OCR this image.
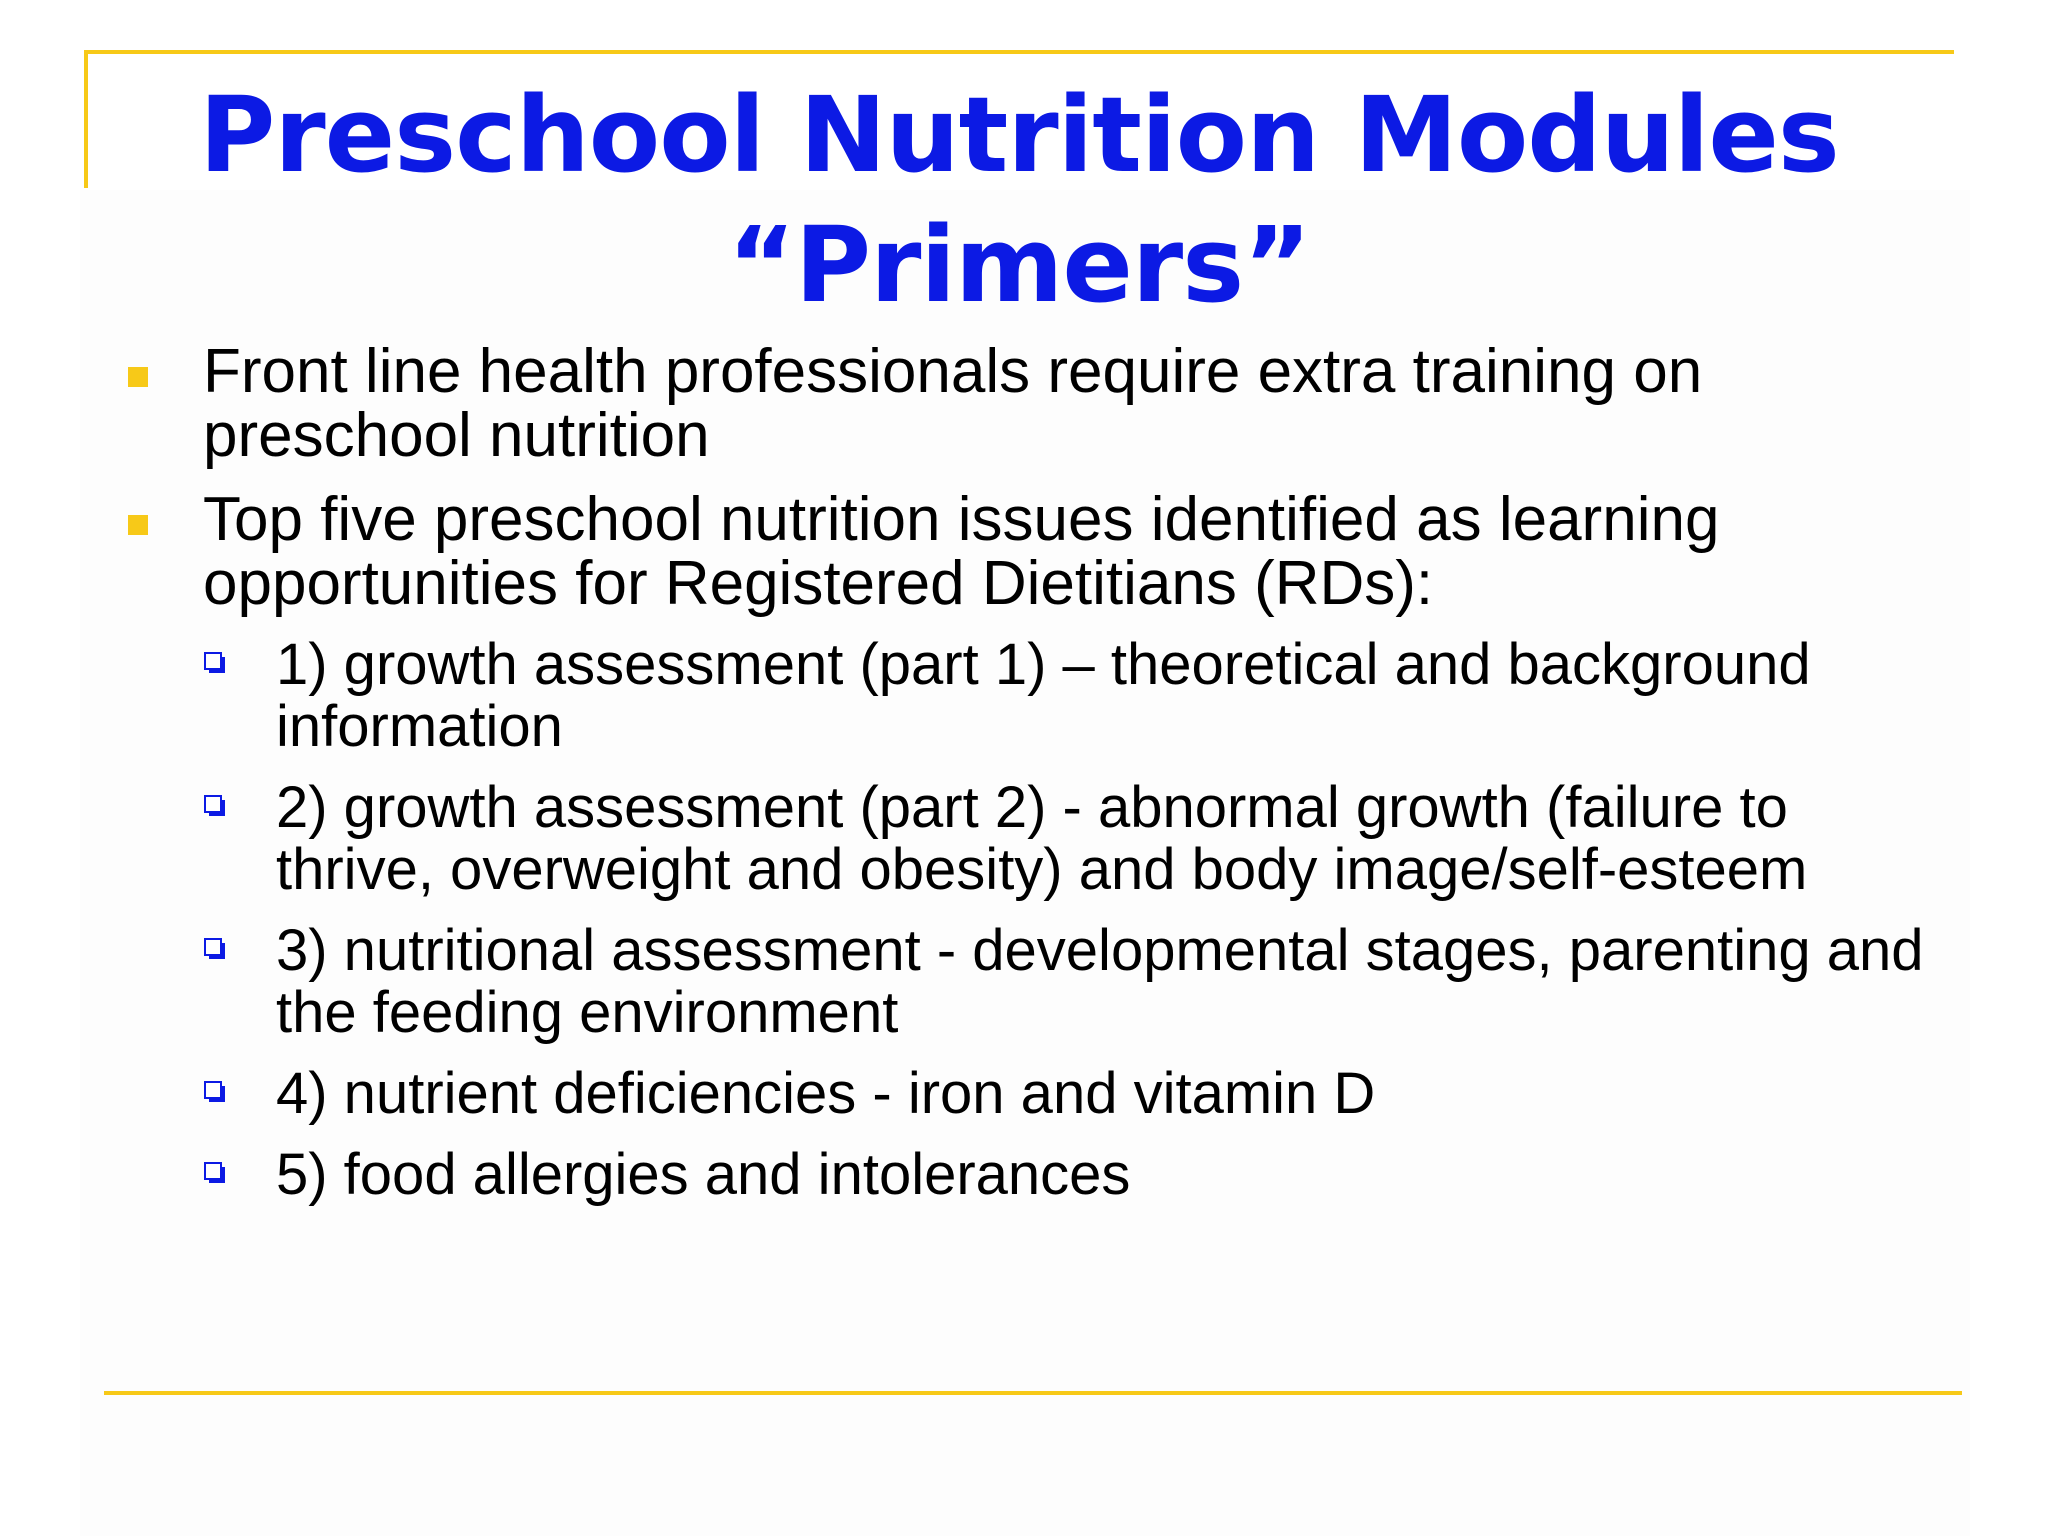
Preschool Nutrition Modules
“Primers”
Front line health professionals require extra training on preschool nutrition
Top five preschool nutrition issues identified as learning opportunities for Registered Dietitians (RDs):
1) growth assessment (part 1) – theoretical and background information
2) growth assessment (part 2) - abnormal growth (failure to thrive, overweight and obesity) and body image/self-esteem
3) nutritional assessment - developmental stages, parenting and the feeding environment
4) nutrient deficiencies - iron and vitamin D
5) food allergies and intolerances
